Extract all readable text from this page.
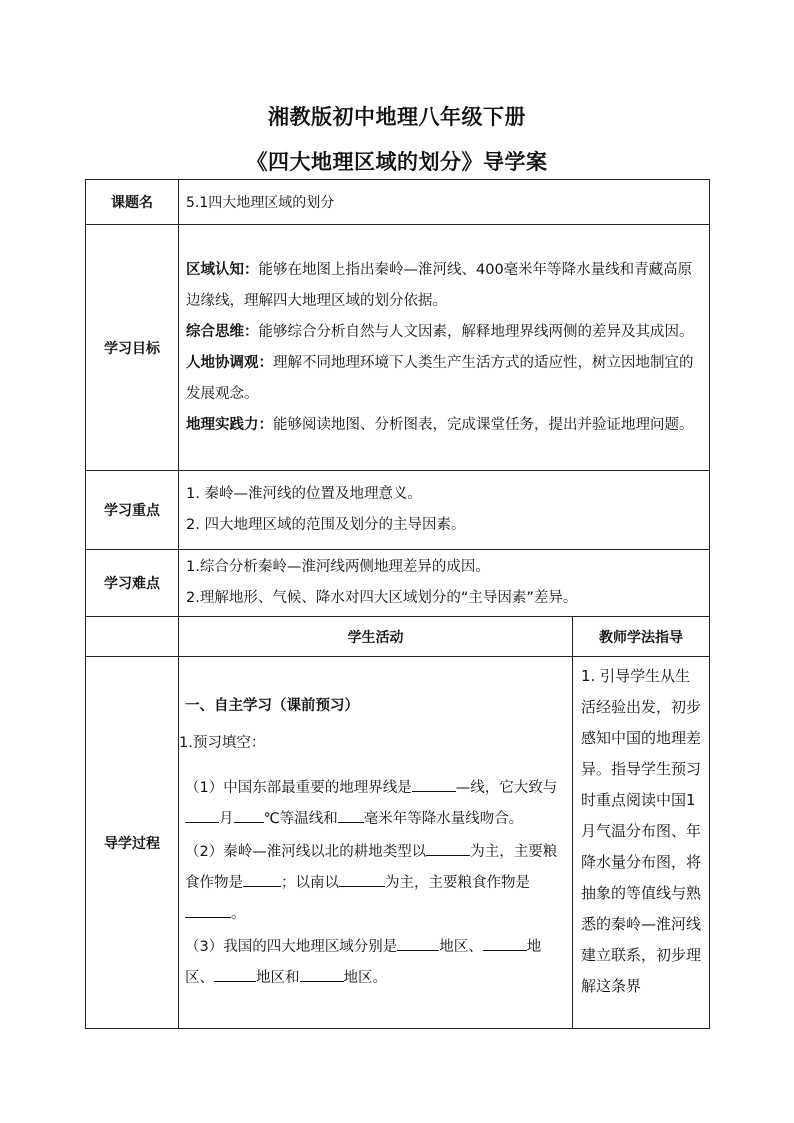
湘教版初中地理八年级下册
《四大地理区域的划分》导学案
课题名	5.1四大地理区域的划分	
学习目标	区域认知：能够在地图上指出秦岭—淮河线、400毫米年等降水量线和青藏高原边缘线，理解四大地理区域的划分依据。
综合思维：能够综合分析自然与人文因素，解释地理界线两侧的差异及其成因。
人地协调观：理解不同地理环境下人类生产生活方式的适应性，树立因地制宜的发展观念。
地理实践力：能够阅读地图、分析图表，完成课堂任务，提出并验证地理问题。	

学习重点	1. 秦岭—淮河线的位置及地理意义。
2. 四大地理区域的范围及划分的主导因素。	

学习难点	1.综合分析秦岭—淮河线两侧地理差异的成因。
2.理解地形、气候、降水对四大区域划分的“主导因素”差异。	

	学生活动	教师学法指导
导学过程	一、自主学习（课前预习）
1.预习填空：
（1）中国东部最重要的地理界线是 —线，它大致与月 ℃等温线和 毫米年等降水量线吻合。
（2）秦岭—淮河线以北的耕地类型以 为主，主要粮食作物是 ；以南以 为主，主要粮食作物是。
（3）我国的四大地理区域分别是 地区、 地区、 地区和 地区。	1. 引导学生从生活经验出发，初步感知中国的地理差异。指导学生预习时重点阅读中国1月气温分布图、年降水量分布图，将抽象的等值线与熟悉的秦岭—淮河线建立联系，初步理解这条界
